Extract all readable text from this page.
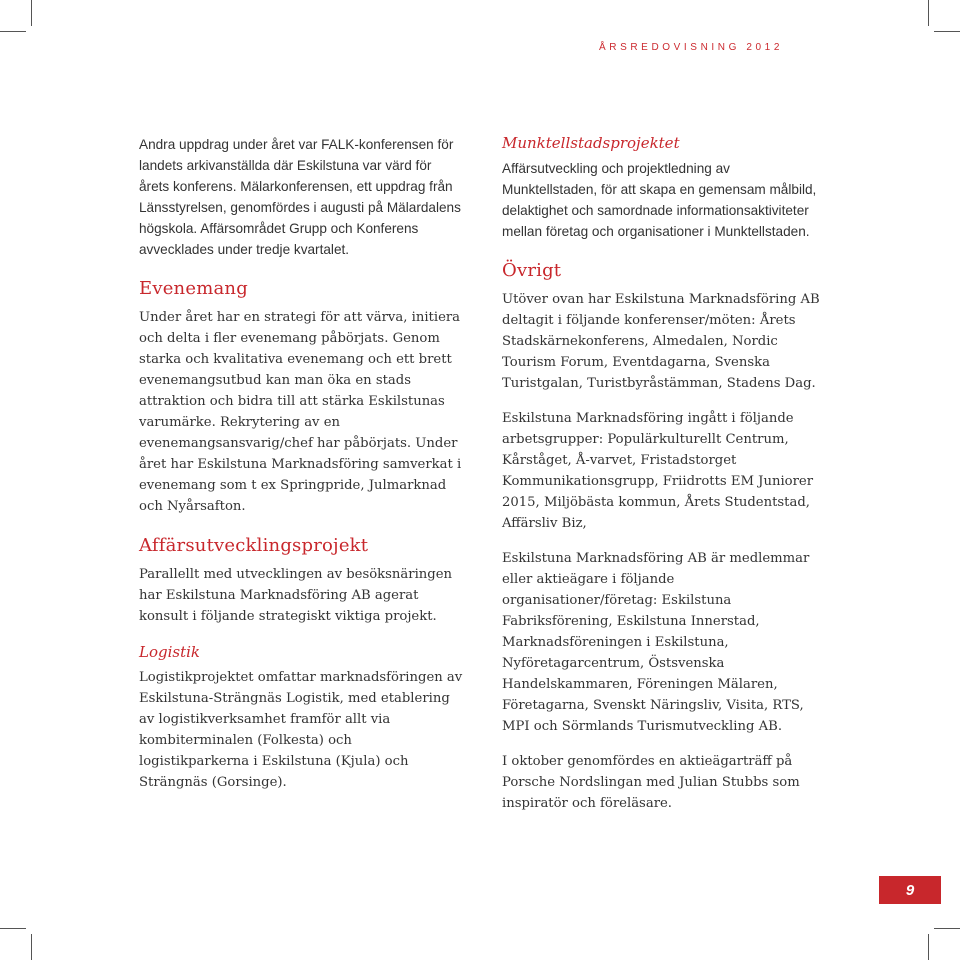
ÅRSREDOVISNING 2012

Andra uppdrag under året var FALK-konferensen för landets arkivanställda där Eskilstuna var värd för årets konferens. Mälarkonferensen, ett uppdrag från Länsstyrelsen, genomfördes i augusti på Mälardalens högskola. Affärsområdet Grupp och Konferens avvecklades under tredje kvartalet.

Evenemang

Under året har en strategi för att värva, initiera och delta i fler evenemang påbörjats. Genom starka och kvalitativa evenemang och ett brett evenemangsutbud kan man öka en stads attraktion och bidra till att stärka Eskilstunas varumärke. Rekrytering av en evenemangsansvarig/chef har påbörjats. Under året har Eskilstuna Marknadsföring samverkat i evenemang som t ex Springpride, Julmarknad och Nyårsafton.

Affärsutvecklingsprojekt

Parallellt med utvecklingen av besöksnäringen har Eskilstuna Marknadsföring AB agerat konsult i följande strategiskt viktiga projekt.

Logistik

Logistikprojektet omfattar marknadsföringen av Eskilstuna-Strängnäs Logistik, med etablering av logistikverksamhet framför allt via kombiterminalen (Folkesta) och logistikparkerna i Eskilstuna (Kjula) och Strängnäs (Gorsinge).

Munktellstadsprojektet

Affärsutveckling och projektledning av Munktellstaden, för att skapa en gemensam målbild, delaktighet och samordnade informationsaktiviteter mellan företag och organisationer i Munktellstaden.

Övrigt

Utöver ovan har Eskilstuna Marknadsföring AB deltagit i följande konferenser/möten: Årets Stadskärnekonferens, Almedalen, Nordic Tourism Forum, Eventdagarna, Svenska Turistgalan, Turistbyråstämman, Stadens Dag.

Eskilstuna Marknadsföring ingått i följande arbetsgrupper: Populärkulturellt Centrum, Kårståget, Å-varvet, Fristadstorget Kommunikationsgrupp, Friidrotts EM Juniorer 2015, Miljöbästa kommun, Årets Studentstad, Affärsliv Biz,

Eskilstuna Marknadsföring AB är medlemmar eller aktieägare i följande organisationer/företag: Eskilstuna Fabriksförening, Eskilstuna Innerstad, Marknadsföreningen i Eskilstuna, Nyföretagarcentrum, Östsvenska Handelskammaren, Föreningen Mälaren, Företagarna, Svenskt Näringsliv, Visita, RTS, MPI och Sörmlands Turismutveckling AB.

I oktober genomfördes en aktieägarträff på Porsche Nordslingan med Julian Stubbs som inspiratör och föreläsare.

9
